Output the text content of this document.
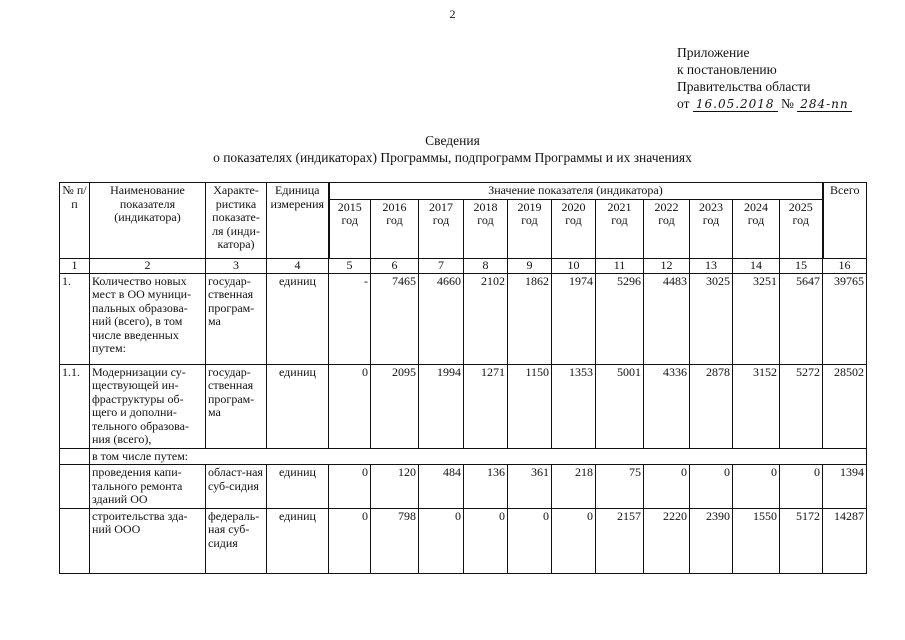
2
Приложение
к постановлению
Правительства области
от 16.05.2018 № 284-пп
Сведения
о показателях (индикаторах) Программы, подпрограмм Программы и их значениях
№ п/п	Наименование показателя (индикатора)	Характе-ристика показате-ля (инди-катора)	Единица измерения	Значение показателя (индикатора)											Всего
				2015 год	2016 год	2017 год	2018 год	2019 год	2020 год	2021 год	2022 год	2023 год	2024 год	2025 год	
1	2	3	4	5	6	7	8	9	10	11	12	13	14	15	16
1.	Количество новых мест в ОО муници-пальных образова-ний (всего), в том числе введенных путем:	государ-ственная програм-ма	единиц	-	7465	4660	2102	1862	1974	5296	4483	3025	3251	5647	39765
1.1.	Модернизации су-ществующей ин-фраструктуры об-щего и дополни-тельного образова-ния (всего),	государ-ственная програм-ма	единиц	0	2095	1994	1271	1150	1353	5001	4336	2878	3152	5272	28502
	в том числе путем:														
	проведения капи-тального ремонта зданий ОО	област-ная суб-сидия	единиц	0	120	484	136	361	218	75	0	0	0	0	1394
	строительства зда-ний ООО	федераль-ная суб-сидия	единиц	0	798	0	0	0	0	2157	2220	2390	1550	5172	14287
